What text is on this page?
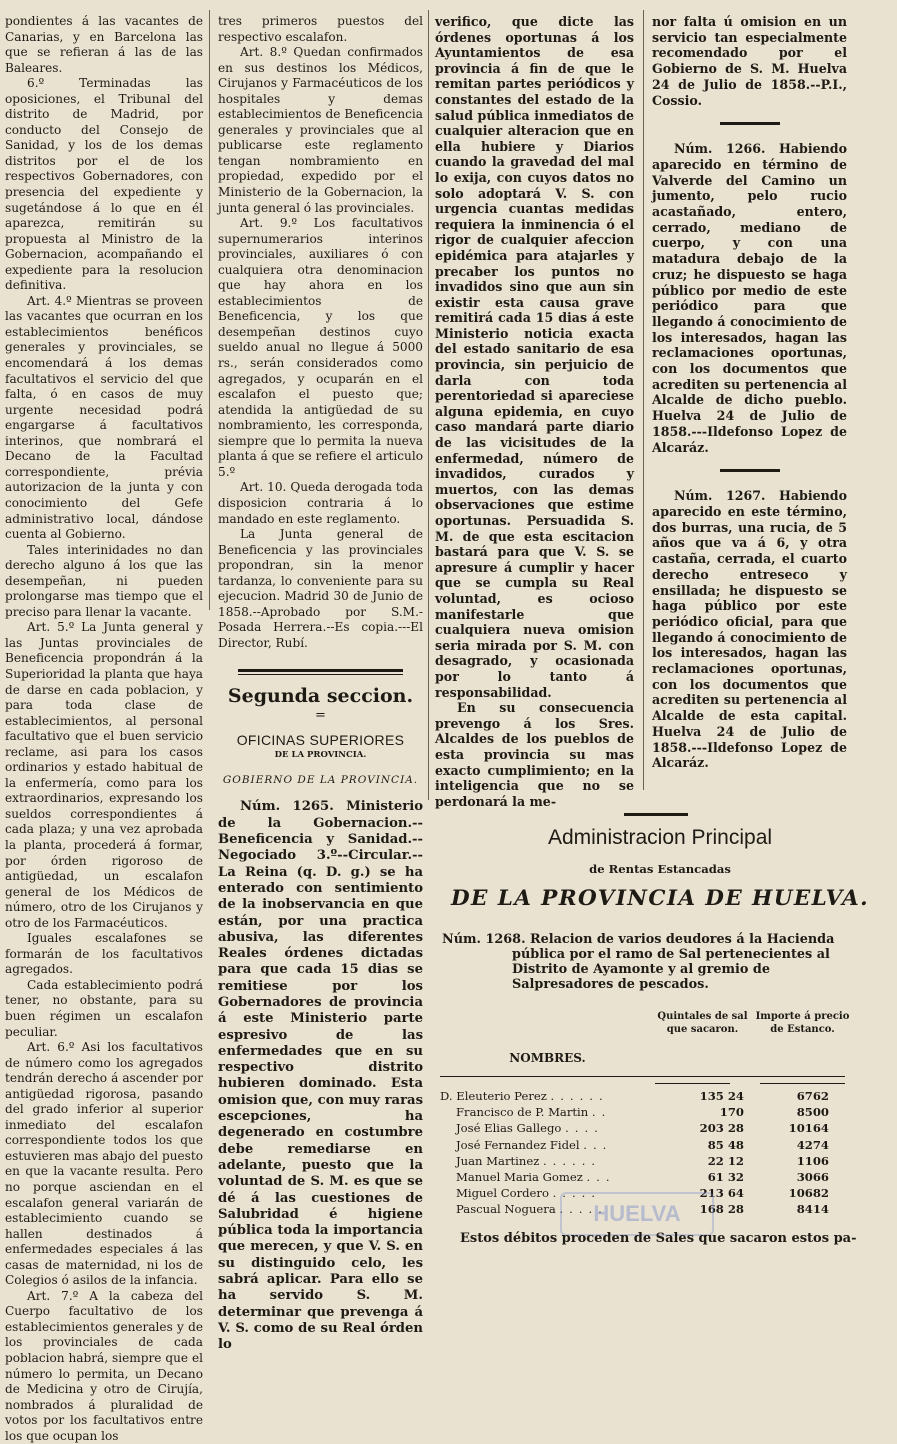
pondientes á las vacantes de Canarias, y en Barcelona las que se refieran á las de las Baleares.

6.º Terminadas las oposiciones, el Tribunal del distrito de Madrid, por conducto del Consejo de Sanidad, y los de los demas distritos por el de los respectivos Gobernadores, con presencia del expediente y sugetándose á lo que en él aparezca, remitirán su propuesta al Ministro de la Gobernacion, acompañando el expediente para la resolucion definitiva.

Art. 4.º Mientras se proveen las vacantes que ocurran en los establecimientos benéficos generales y provinciales, se encomendará á los demas facultativos el servicio del que falta, ó en casos de muy urgente necesidad podrá engargarse á facultativos interinos, que nombrará el Decano de la Facultad correspondiente, prévia autorizacion de la junta y con conocimiento del Gefe administrativo local, dándose cuenta al Gobierno.

Tales interinidades no dan derecho alguno á los que las desempeñan, ni pueden prolongarse mas tiempo que el preciso para llenar la vacante.

Art. 5.º La Junta general y las Juntas provinciales de Beneficencia propondrán á la Superioridad la planta que haya de darse en cada poblacion, y para toda clase de establecimientos, al personal facultativo que el buen servicio reclame, asi para los casos ordinarios y estado habitual de la enfermería, como para los extraordinarios, expresando los sueldos correspondientes á cada plaza; y una vez aprobada la planta, procederá á formar, por órden rigoroso de antigüedad, un escalafon general de los Médicos de número, otro de los Cirujanos y otro de los Farmacéuticos.

Iguales escalafones se formarán de los facultativos agregados.

Cada establecimiento podrá tener, no obstante, para su buen régimen un escalafon peculiar.

Art. 6.º Asi los facultativos de número como los agregados tendrán derecho á ascender por antigüedad rigorosa, pasando del grado inferior al superior inmediato del escalafon correspondiente todos los que estuvieren mas abajo del puesto en que la vacante resulta. Pero no porque asciendan en el escalafon general variarán de establecimiento cuando se hallen destinados á enfermedades especiales á las casas de maternidad, ni los de Colegios ó asilos de la infancia.

Art. 7.º A la cabeza del Cuerpo facultativo de los establecimientos generales y de los provinciales de cada poblacion habrá, siempre que el número lo permita, un Decano de Medicina y otro de Cirujía, nombrados á pluralidad de votos por los facultativos entre los que ocupan los

tres primeros puestos del respectivo escalafon.

Art. 8.º Quedan confirmados en sus destinos los Médicos, Cirujanos y Farmacéuticos de los hospitales y demas establecimientos de Beneficencia generales y provinciales que al publicarse este reglamento tengan nombramiento en propiedad, expedido por el Ministerio de la Gobernacion, la junta general ó las provinciales.

Art. 9.º Los facultativos supernumerarios interinos provinciales, auxiliares ó con cualquiera otra denominacion que hay ahora en los establecimientos de Beneficencia, y los que desempeñan destinos cuyo sueldo anual no llegue á 5000 rs., serán considerados como agregados, y ocuparán en el escalafon el puesto que; atendida la antigüedad de su nombramiento, les corresponda, siempre que lo permita la nueva planta á que se refiere el articulo 5.º

Art. 10. Queda derogada toda disposicion contraria á lo mandado en este reglamento.

La Junta general de Beneficencia y las provinciales propondran, sin la menor tardanza, lo conveniente para su ejecucion. Madrid 30 de Junio de 1858.--Aprobado por S.M.-Posada Herrera.--Es copia.---El Director, Rubí.

Segunda seccion.
=
OFICINAS SUPERIORES
DE LA PROVINCIA.
GOBIERNO DE LA PROVINCIA.

Núm. 1265. Ministerio de la Gobernacion.--Beneficencia y Sanidad.--Negociado 3.º--Circular.--La Reina (q. D. g.) se ha enterado con sentimiento de la inobservancia en que están, por una practica abusiva, las diferentes Reales órdenes dictadas para que cada 15 dias se remitiese por los Gobernadores de provincia á este Ministerio parte espresivo de las enfermedades que en su respectivo distrito hubieren dominado. Esta omision que, con muy raras escepciones, ha degenerado en costumbre debe remediarse en adelante, puesto que la voluntad de S. M. es que se dé á las cuestiones de Salubridad é higiene pública toda la importancia que merecen, y que V. S. en su distinguido celo, les sabrá aplicar. Para ello se ha servido S. M. determinar que prevenga á V. S. como de su Real órden lo

verifico, que dicte las órdenes oportunas á los Ayuntamientos de esa provincia á fin de que le remitan partes periódicos y constantes del estado de la salud pública inmediatos de cualquier alteracion que en ella hubiere y Diarios cuando la gravedad del mal lo exija, con cuyos datos no solo adoptará V. S. con urgencia cuantas medidas requiera la inminencia ó el rigor de cualquier afeccion epidémica para atajarles y precaber los puntos no invadidos sino que aun sin existir esta causa grave remitirá cada 15 dias á este Ministerio noticia exacta del estado sanitario de esa provincia, sin perjuicio de darla con toda perentoriedad si apareciese alguna epidemia, en cuyo caso mandará parte diario de las vicisitudes de la enfermedad, número de invadidos, curados y muertos, con las demas observaciones que estime oportunas. Persuadida S. M. de que esta escitacion bastará para que V. S. se apresure á cumplir y hacer que se cumpla su Real voluntad, es ocioso manifestarle que cualquiera nueva omision seria mirada por S. M. con desagrado, y ocasionada por lo tanto á responsabilidad.

En su consecuencia prevengo á los Sres. Alcaldes de los pueblos de esta provincia su mas exacto cumplimiento; en la inteligencia que no se perdonará la me-

nor falta ú omision en un servicio tan especialmente recomendado por el Gobierno de S. M. Huelva 24 de Julio de 1858.--P.I., Cossio.

Núm. 1266. Habiendo aparecido en término de Valverde del Camino un jumento, pelo rucio acastañado, entero, cerrado, mediano de cuerpo, y con una matadura debajo de la cruz; he dispuesto se haga público por medio de este periódico para que llegando á conocimiento de los interesados, hagan las reclamaciones oportunas, con los documentos que acrediten su pertenencia al Alcalde de dicho pueblo. Huelva 24 de Julio de 1858.---Ildefonso Lopez de Alcaráz.

Núm. 1267. Habiendo aparecido en este término, dos burras, una rucia, de 5 años que va á 6, y otra castaña, cerrada, el cuarto derecho entreseco y ensillada; he dispuesto se haga público por este periódico oficial, para que llegando á conocimiento de los interesados, hagan las reclamaciones oportunas, con los documentos que acrediten su pertenencia al Alcalde de esta capital. Huelva 24 de Julio de 1858.---Ildefonso Lopez de Alcaráz.

Administracion Principal
de Rentas Estancadas
DE LA PROVINCIA DE HUELVA.
Núm. 1268. Relacion de varios deudores á la Hacienda pública por el ramo de Sal pertenecientes al Distrito de Ayamonte y al gremio de Salpresadores de pescados.
NOMBRES.	Quintales de sal que sacaron.	Importe á precio de Estanco.

D. Eleuterio Perez ......	135 24	6762
Francisco de P. Martin ..	170	8500
José Elias Gallego ....	203 28	10164
José Fernandez Fidel ...	85 48	4274
Juan Martinez ......	22 12	1106
Manuel Maria Gomez ...	61 32	3066
Miguel Cordero .....	213 64	10682
Pascual Noguera .....	168 28	8414
HUELVA
Estos débitos proceden de Sales que sacaron estos pa-
